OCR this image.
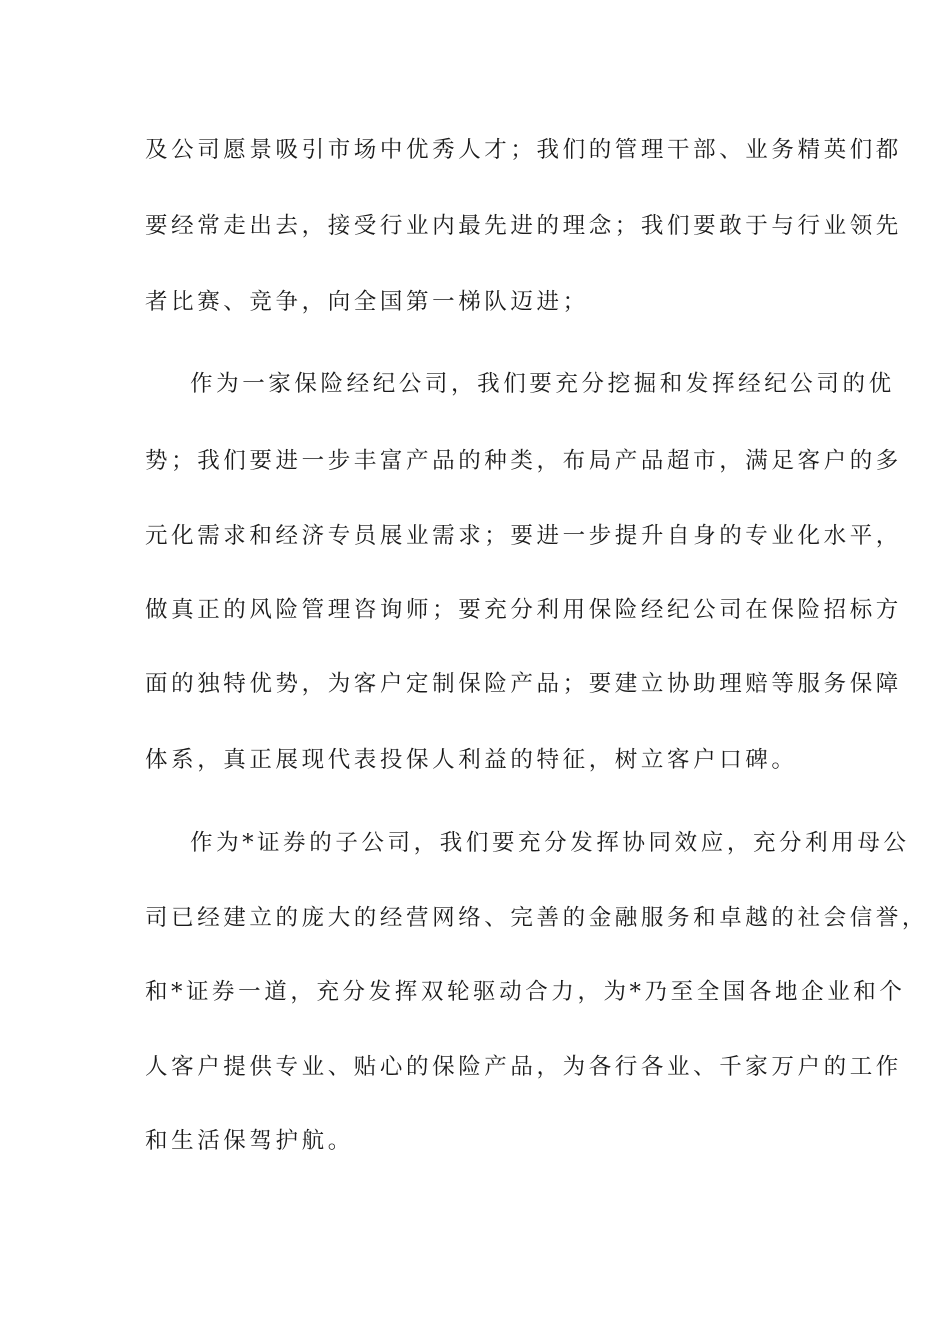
及公司愿景吸引市场中优秀人才；我们的管理干部、业务精英们都
要经常走出去，接受行业内最先进的理念；我们要敢于与行业领先
者比赛、竞争，向全国第一梯队迈进；
作为一家保险经纪公司，我们要充分挖掘和发挥经纪公司的优
势；我们要进一步丰富产品的种类，布局产品超市，满足客户的多
元化需求和经济专员展业需求；要进一步提升自身的专业化水平，
做真正的风险管理咨询师；要充分利用保险经纪公司在保险招标方
面的独特优势，为客户定制保险产品；要建立协助理赔等服务保障
体系，真正展现代表投保人利益的特征，树立客户口碑。
作为*证券的子公司，我们要充分发挥协同效应，充分利用母公
司已经建立的庞大的经营网络、完善的金融服务和卓越的社会信誉，
和*证券一道，充分发挥双轮驱动合力，为*乃至全国各地企业和个
人客户提供专业、贴心的保险产品，为各行各业、千家万户的工作
和生活保驾护航。
